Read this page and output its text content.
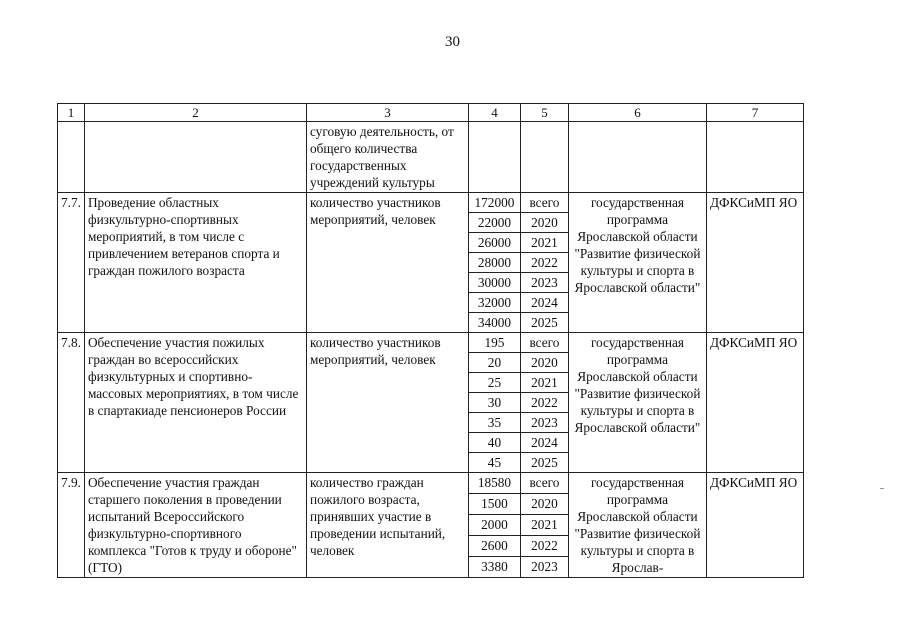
30
1	2	3	4	5	6	7
		суговую деятельность, от общего количества государственных учреждений культуры				
7.7.	Проведение областных физкультурно-спортивных мероприятий, в том числе с привлечением ветеранов спорта и граждан пожилого возраста	количество участников мероприятий, человек	172000	всего	государственная программа Ярославской области "Развитие физической культуры и спорта в Ярославской области"	ДФКСиМП ЯО
			22000	2020		
			26000	2021		
			28000	2022		
			30000	2023		
			32000	2024		
			34000	2025		
7.8.	Обеспечение участия пожилых граждан во всероссийских физкультурных и спортивно-массовых мероприятиях, в том числе в спартакиаде пенсионеров России	количество участников мероприятий, человек	195	всего	государственная программа Ярославской области "Развитие физической культуры и спорта в Ярославской области"	ДФКСиМП ЯО
			20	2020		
			25	2021		
			30	2022		
			35	2023		
			40	2024		
			45	2025		
7.9.	Обеспечение участия граждан старшего поколения в проведении испытаний Всероссийского физкультурно-спортивного комплекса "Готов к труду и обороне" (ГТО)	количество граждан пожилого возраста, принявших участие в проведении испытаний, человек	18580	всего	государственная программа Ярославской области "Развитие физической культуры и спорта в Ярослав-	ДФКСиМП ЯО
			1500	2020		
			2000	2021		
			2600	2022		
			3380	2023		
